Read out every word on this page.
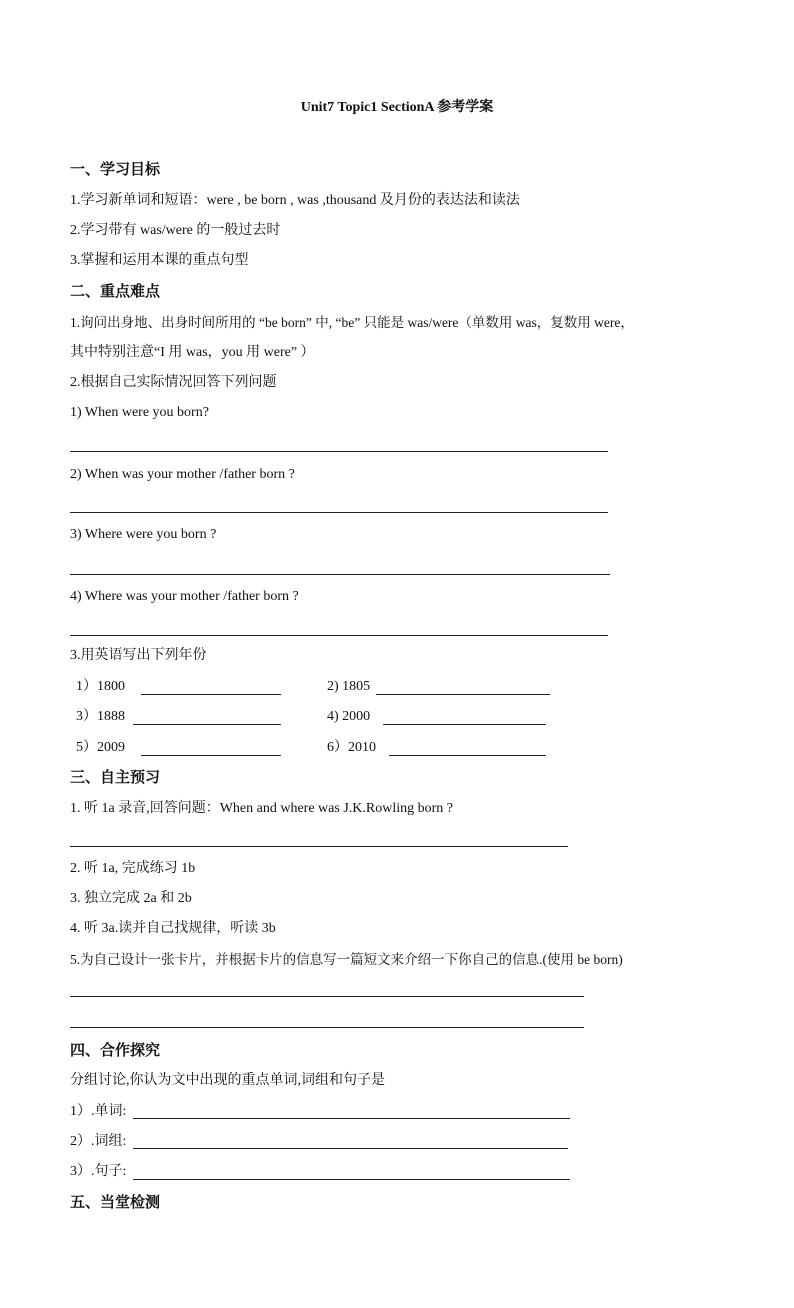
Unit7 Topic1 SectionA 参考学案
一、学习目标
1.学习新单词和短语：were , be born , was ,thousand 及月份的表达法和读法
2.学习带有 was/were 的一般过去时
3.掌握和运用本课的重点句型
二、重点难点
1.询问出身地、出身时间所用的 “be born” 中, “be” 只能是 was/were（单数用 was，复数用 were，
其中特别注意“I 用 was，you 用 were” ）
2.根据自己实际情况回答下列问题
1) When were you born?
2) When was your mother /father born ?
3) Where were you born ?
4) Where was your mother /father born ?
3.用英语写出下列年份
1）1800	2) 1805
3）1888	4) 2000
5）2009	6）2010
三、自主预习
1. 听 1a 录音,回答问题：When and where was J.K.Rowling born ?
2. 听 1a, 完成练习 1b
3. 独立完成 2a 和 2b
4. 听 3a.读并自己找规律，听读 3b
5.为自己设计一张卡片，并根据卡片的信息写一篇短文来介绍一下你自己的信息.(使用 be born)
四、合作探究
分组讨论,你认为文中出现的重点单词,词组和句子是
1）.单词:
2）.词组:
3）.句子:
五、当堂检测
